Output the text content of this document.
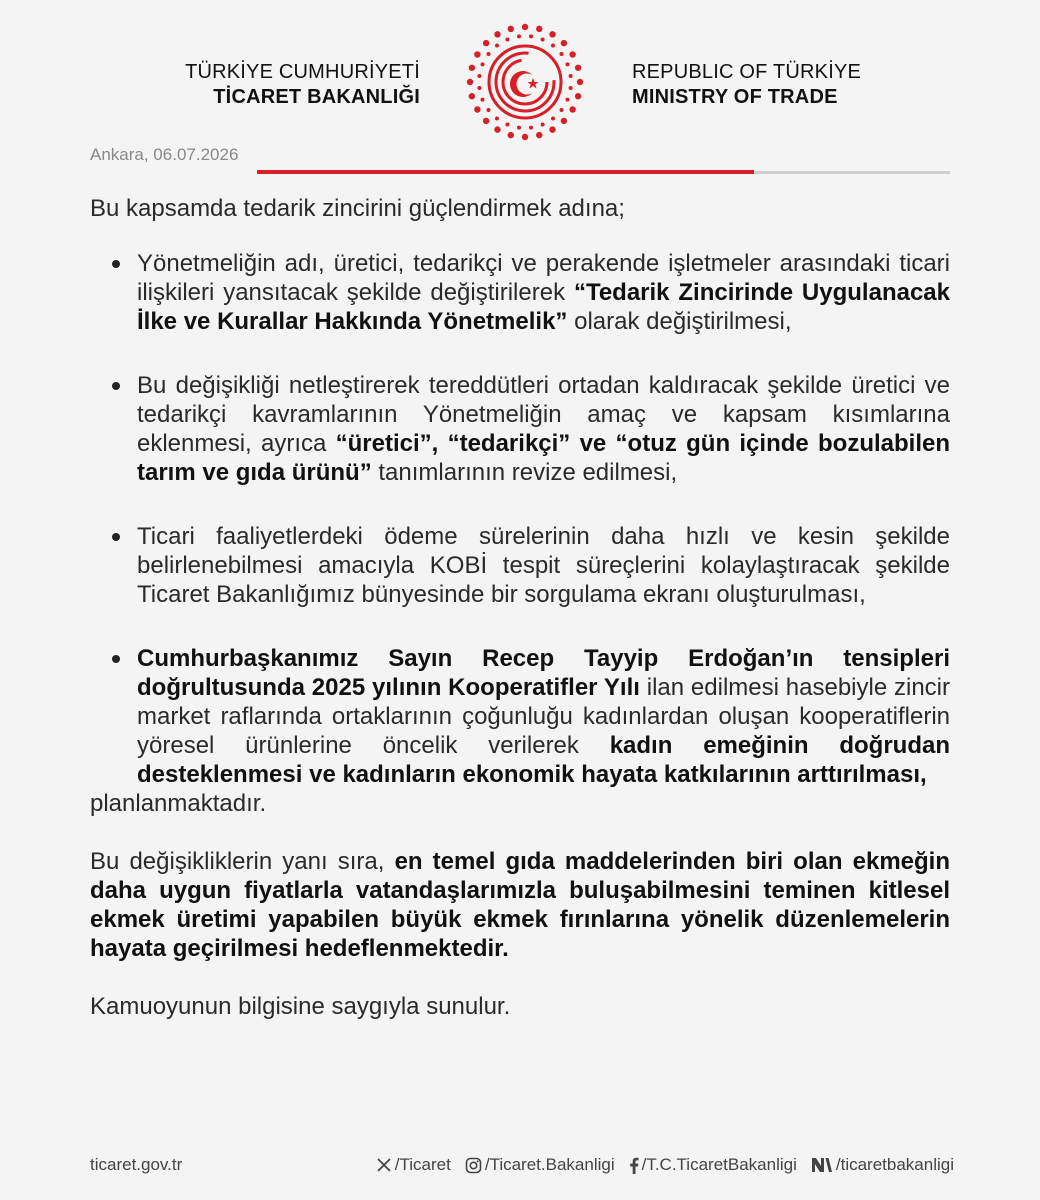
TÜRKİYE CUMHURİYETİ
TİCARET BAKANLIĞI
REPUBLIC OF TÜRKİYE
MINISTRY OF TRADE
Ankara, 06.07.2026

Bu kapsamda tedarik zincirini güçlendirmek adına;

Yönetmeliğin adı, üretici, tedarikçi ve perakende işletmeler arasındaki ticari ilişkileri yansıtacak şekilde değiştirilerek “Tedarik Zincirinde Uygulanacak İlke ve Kurallar Hakkında Yönetmelik” olarak değiştirilmesi,
Bu değişikliği netleştirerek tereddütleri ortadan kaldıracak şekilde üretici ve tedarikçi kavramlarının Yönetmeliğin amaç ve kapsam kısımlarına eklenmesi, ayrıca “üretici”, “tedarikçi” ve “otuz gün içinde bozulabilen tarım ve gıda ürünü” tanımlarının revize edilmesi,
Ticari faaliyetlerdeki ödeme sürelerinin daha hızlı ve kesin şekilde belirlenebilmesi amacıyla KOBİ tespit süreçlerini kolaylaştıracak şekilde Ticaret Bakanlığımız bünyesinde bir sorgulama ekranı oluşturulması,
Cumhurbaşkanımız Sayın Recep Tayyip Erdoğan’ın tensipleri doğrultusunda 2025 yılının Kooperatifler Yılı ilan edilmesi hasebiyle zincir market raflarında ortaklarının çoğunluğu kadınlardan oluşan kooperatiflerin yöresel ürünlerine öncelik verilerek kadın emeğinin doğrudan desteklenmesi ve kadınların ekonomik hayata katkılarının arttırılması,

planlanmaktadır.

Bu değişikliklerin yanı sıra, en temel gıda maddelerinden biri olan ekmeğin daha uygun fiyatlarla vatandaşlarımızla buluşabilmesini teminen kitlesel ekmek üretimi yapabilen büyük ekmek fırınlarına yönelik düzenlemelerin hayata geçirilmesi hedeflenmektedir.

Kamuoyunun bilgisine saygıyla sunulur.

ticaret.gov.tr	/Ticaret /Ticaret.Bakanligi /T.C.TicaretBakanligi /ticaretbakanligi
